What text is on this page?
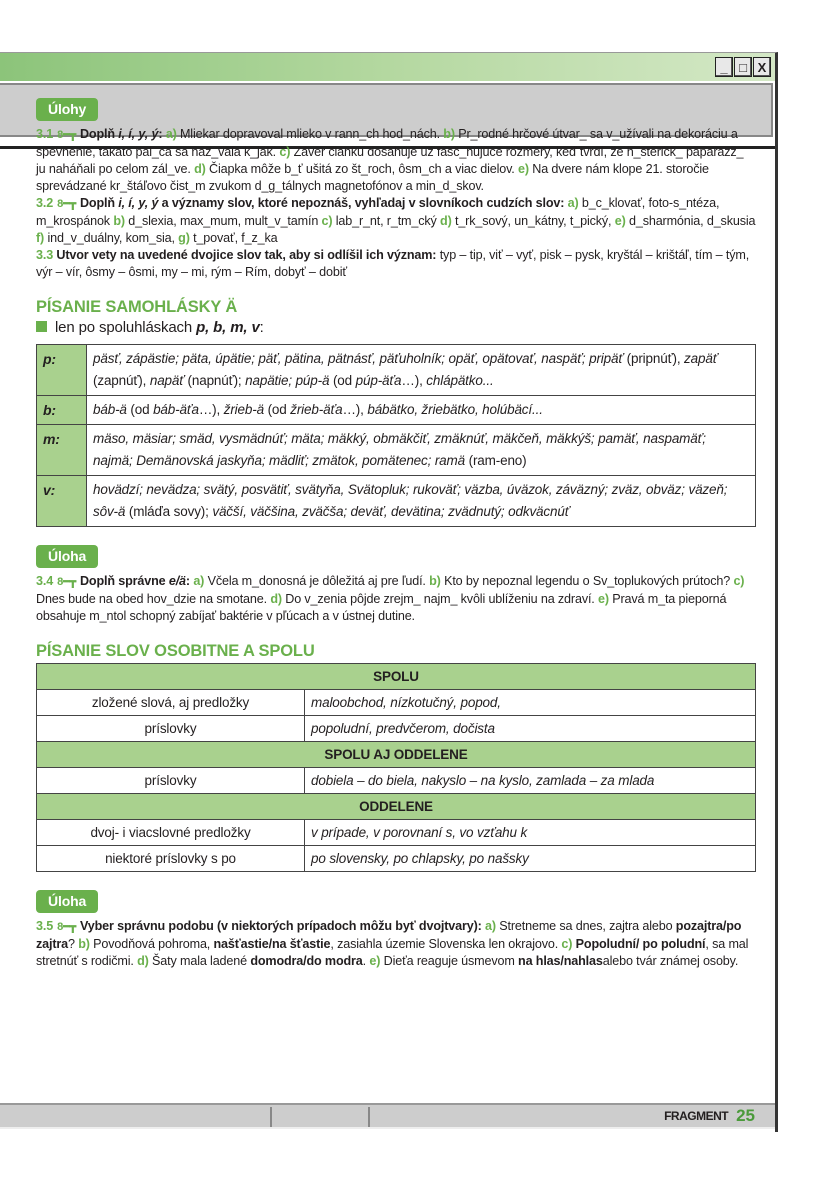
_ □ X
FRAGMENT 25
Úlohy

3.1 8━┳ Doplň i, í, y, ý: a) Mliekar dopravoval mlieko v rann_ch hod_nách. b) Pr_rodné hrčové útvar_ sa v_užívali na dekoráciu a spevnenie, takáto pal_ca sa naz_vala k_jak. c) Záver článku dosahuje už fasc_nujúce rozmery, keď tvrdí, že h_sterick_ paparazz_ ju naháňali po celom zál_ve. d) Čiapka môže b_ť ušitá zo št_roch, ôsm_ch a viac dielov. e) Na dvere nám klope 21. storočie sprevádzané kr_štáľovo čist_m zvukom d_g_tálnych magnetofónov a min_d_skov.

3.2 8━┳ Doplň i, í, y, ý a významy slov, ktoré nepoznáš, vyhľadaj v slovníkoch cudzích slov: a) b_c_klovať, foto-s_ntéza, m_krospánok b) d_slexia, max_mum, mult_v_tamín c) lab_r_nt, r_tm_cký d) t_rk_sový, un_kátny, t_pický, e) d_sharmónia, d_skusia f) ind_v_duálny, kom_sia, g) t_povať, f_z_ka

3.3 Utvor vety na uvedené dvojice slov tak, aby si odlíšil ich význam: typ – tip, viť – vyť, pisk – pysk, kryštál – krištáľ, tím – tým, výr – vír, ôsmy – ôsmi, my – mi, rým – Rím, dobyť – dobiť

PÍSANIE SAMOHLÁSKY Ä
len po spoluhláskach p, b, m, v:
p:	päsť, zápästie; päta, úpätie; päť, pätina, pätnásť, päťuholník; opäť, opätovať, naspäť; pripäť (pripnúť), zapäť (zapnúť), napäť (napnúť); napätie; púp-ä (od púp-äťa…), chlápätko...
b:	báb-ä (od báb-äťa…), žrieb-ä (od žrieb-äťa…), bábätko, žriebätko, holúbäcí...
m:	mäso, mäsiar; smäd, vysmädnúť; mäta; mäkký, obmäkčiť, zmäknúť, mäkčeň, mäkkýš; pamäť, naspamäť; najmä; Demänovská jaskyňa; mädliť; zmätok, pomätenec; ramä (ram-eno)
v:	hovädzí; nevädza; svätý, posvätiť, svätyňa, Svätopluk; rukoväť; väzba, úväzok, záväzný; zväz, obväz; väzeň; sôv-ä (mláďa sovy); väčší, väčšina, zväčša; deväť, devätina; zvädnutý; odkväcnúť
Úloha

3.4 8━┳ Doplň správne e/ä: a) Včela m_donosná je dôležitá aj pre ľudí. b) Kto by nepoznal legendu o Sv_toplukových prútoch? c) Dnes bude na obed hov_dzie na smotane. d) Do v_zenia pôjde zrejm_ najm_ kvôli ublíženiu na zdraví. e) Pravá m_ta pieporná obsahuje m_ntol schopný zabíjať baktérie v pľúcach a v ústnej dutine.

PÍSANIE SLOV OSOBITNE A SPOLU
SPOLU	
zložené slová, aj predložky	maloobchod, nízkotučný, popod,
príslovky	popoludní, predvčerom, dočista
SPOLU AJ ODDELENE	
príslovky	dobiela – do biela, nakyslo – na kyslo, zamlada – za mlada
ODDELENE	
dvoj- i viacslovné predložky	v prípade, v porovnaní s, vo vzťahu k
niektoré príslovky s po	po slovensky, po chlapsky, po našsky
Úloha

3.5 8━┳ Vyber správnu podobu (v niektorých prípadoch môžu byť dvojtvary): a) Stretneme sa dnes, zajtra alebo pozajtra/po zajtra? b) Povodňová pohroma, našťastie/na šťastie, zasiahla územie Slovenska len okrajovo. c) Popoludní/ po poludní, sa mal stretnúť s rodičmi. d) Šaty mala ladené domodra/do modra. e) Dieťa reaguje úsmevom na hlas/nahlasalebo tvár známej osoby.
